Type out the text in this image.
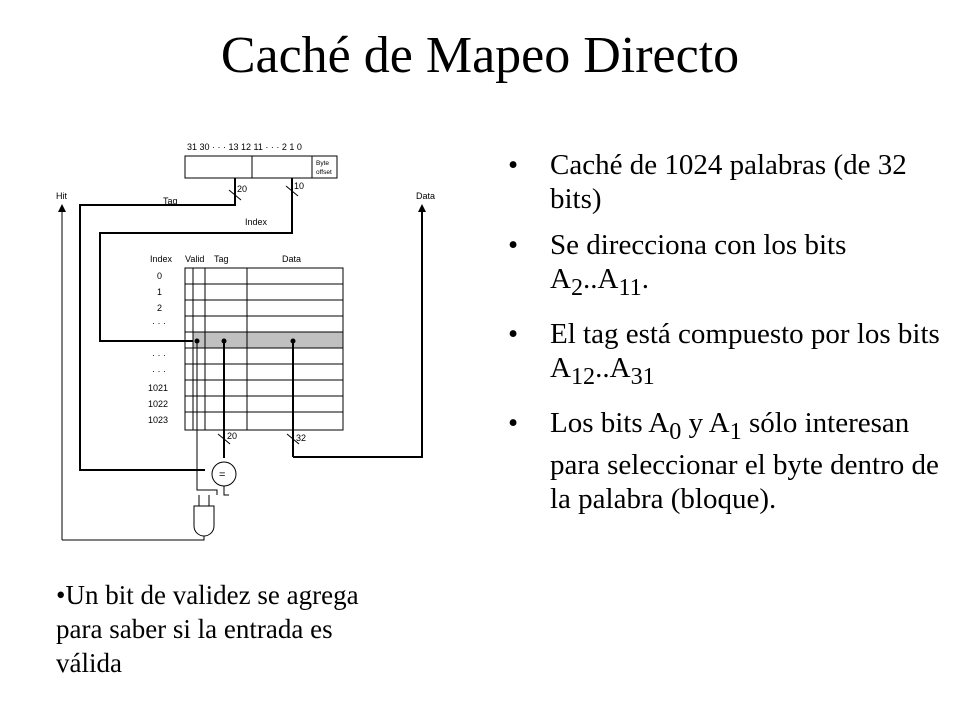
Caché de Mapeo Directo
31 30 · · · 13 12 11 · · · 2 1 0
Byte
offset
20
Tag
10
Index
Hit	Data
Index Valid Tag	Data
0
1
2
· · ·
· · ·
· · ·
1021
1022
1023
20	32
=
• Caché de 1024 palabras (de 32 bits)
• Se direcciona con los bits $A_2..A_{11}$.
• El tag está compuesto por los bits $A_{12}..A_{31}$
• Los bits $A_0$ y $A_1$ sólo interesan para seleccionar el byte dentro de la palabra (bloque).
•Un bit de validez se agrega para saber si la entrada es válida
